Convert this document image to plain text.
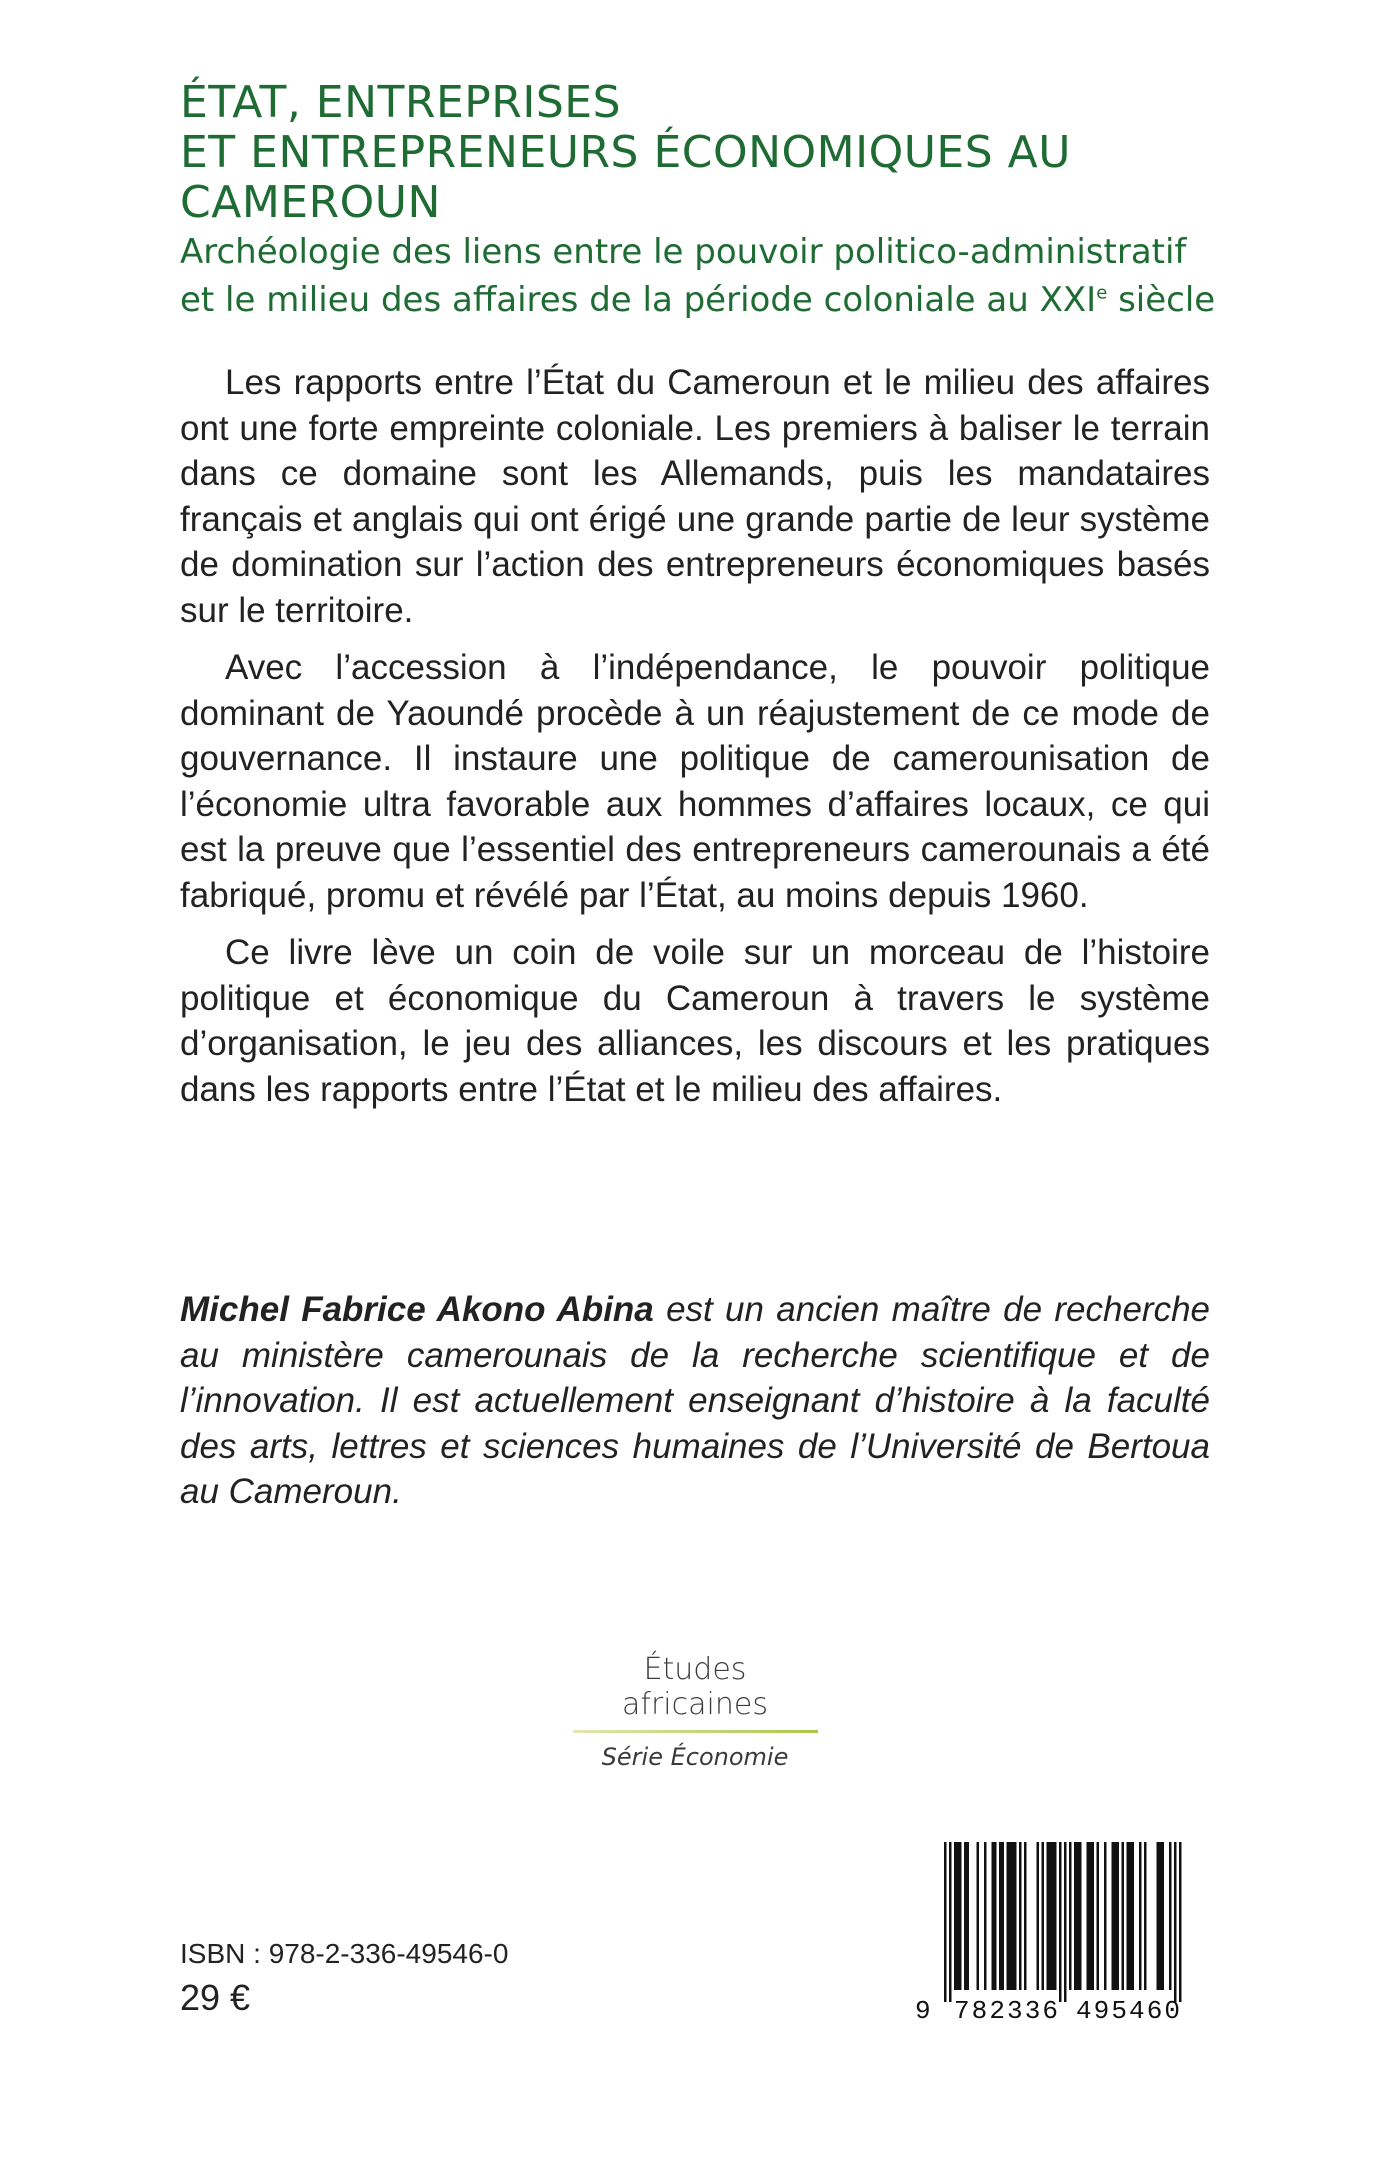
ÉTAT, ENTREPRISES
ET ENTREPRENEURS ÉCONOMIQUES AU CAMEROUN
Archéologie des liens entre le pouvoir politico-administratif
et le milieu des affaires de la période coloniale au XXIe siècle

Les rapports entre l’État du Cameroun et le milieu des affaires ont une forte empreinte coloniale. Les premiers à baliser le terrain dans ce domaine sont les Allemands, puis les mandataires français et anglais qui ont érigé une grande partie de leur système de domination sur l’action des entrepreneurs économiques basés sur le territoire.

Avec l’accession à l’indépendance, le pouvoir politique dominant de Yaoundé procède à un réajustement de ce mode de gouvernance. Il instaure une politique de camerounisation de l’économie ultra favorable aux hommes d’affaires locaux, ce qui est la preuve que l’essentiel des entrepreneurs camerounais a été fabriqué, promu et révélé par l’État, au moins depuis 1960.

Ce livre lève un coin de voile sur un morceau de l’histoire politique et économique du Cameroun à travers le système d’organisation, le jeu des alliances, les discours et les pratiques dans les rapports entre l’État et le milieu des affaires.

Michel Fabrice Akono Abina est un ancien maître de recherche au ministère camerounais de la recherche scientifique et de l’innovation. Il est actuellement enseignant d’histoire à la faculté des arts, lettres et sciences humaines de l’Université de Bertoua au Cameroun.

Études africaines
Série Économie
ISBN : 978-2-336-49546-0
29 €	9 782336 495460
